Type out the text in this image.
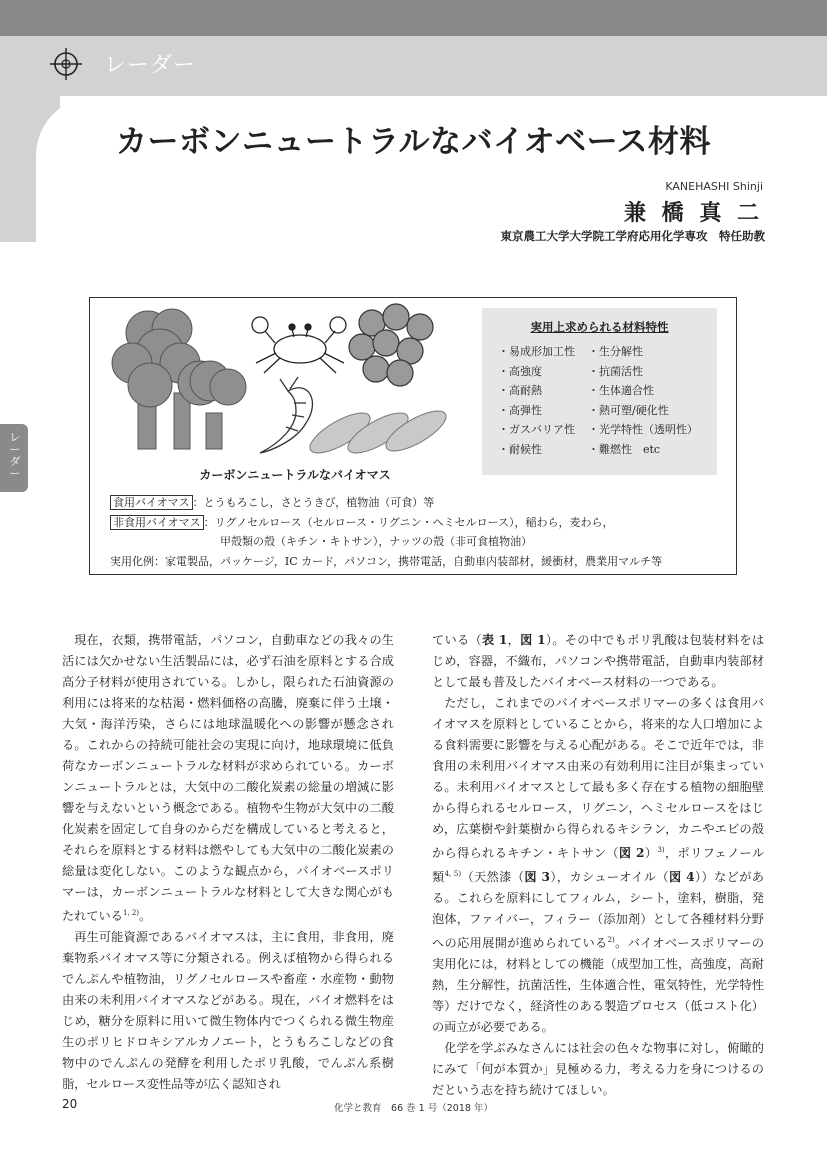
レーダー
カーボンニュートラルなバイオベース材料
KANEHASHI Shinji
兼 橋 真 二
東京農工大学大学院工学府応用化学専攻　特任助教
レーダー	カーボンニュートラルなバイオマス
実用上求められる材料特性
・易成形加工性
・高強度
・高耐熱
・高弾性
・ガスバリア性
・耐候性
・生分解性
・抗菌活性
・生体適合性
・熱可塑/硬化性
・光学特性（透明性）
・難燃性　etc
食用バイオマス ：とうもろこし，さとうきび，植物油（可食）等
非食用バイオマス ：リグノセルロース（セルロース・リグニン・ヘミセルロース），稲わら，麦わら，
甲殻類の殻（キチン・キトサン），ナッツの殻（非可食植物油）
実用化例：家電製品，パッケージ，IC カード，パソコン，携帯電話，自動車内装部材，緩衝材，農業用マルチ等

現在，衣類，携帯電話，パソコン，自動車などの我々の生活には欠かせない生活製品には，必ず石油を原料とする合成高分子材料が使用されている。しかし，限られた石油資源の利用には将来的な枯渇・燃料価格の高騰，廃棄に伴う土壌・大気・海洋汚染，さらには地球温暖化への影響が懸念される。これからの持続可能社会の実現に向け，地球環境に低負荷なカーボンニュートラルな材料が求められている。カーボンニュートラルとは，大気中の二酸化炭素の総量の増減に影響を与えないという概念である。植物や生物が大気中の二酸化炭素を固定して自身のからだを構成していると考えると，それらを原料とする材料は燃やしても大気中の二酸化炭素の総量は変化しない。このような観点から，バイオベースポリマーは，カーボンニュートラルな材料として大きな関心がもたれている$^{1, 2)}$。

再生可能資源であるバイオマスは，主に食用，非食用，廃棄物系バイオマス等に分類される。例えば植物から得られるでんぷんや植物油，リグノセルロースや畜産・水産物・動物由来の未利用バイオマスなどがある。現在，バイオ燃料をはじめ，糖分を原料に用いて微生物体内でつくられる微生物産生のポリヒドロキシアルカノエート，とうもろこしなどの食物中のでんぷんの発酵を利用したポリ乳酸，でんぷん系樹脂，セルロース変性品等が広く認知され

ている（表 1，図 1）。その中でもポリ乳酸は包装材料をはじめ，容器，不織布，パソコンや携帯電話，自動車内装部材として最も普及したバイオベース材料の一つである。

ただし，これまでのバイオベースポリマーの多くは食用バイオマスを原料としていることから，将来的な人口増加による食料需要に影響を与える心配がある。そこで近年では，非食用の未利用バイオマス由来の有効利用に注目が集まっている。未利用バイオマスとして最も多く存在する植物の細胞壁から得られるセルロース，リグニン，ヘミセルロースをはじめ，広葉樹や針葉樹から得られるキシラン，カニやエビの殻から得られるキチン・キトサン（図 2）$^{3)}$，ポリフェノール類$^{4, 5)}$（天然漆（図 3），カシューオイル（図 4））などがある。これらを原料にしてフィルム，シート，塗料，樹脂，発泡体，ファイバー，フィラー（添加剤）として各種材料分野への応用展開が進められている$^{2)}$。バイオベースポリマーの実用化には，材料としての機能（成型加工性，高強度，高耐熱，生分解性，抗菌活性，生体適合性，電気特性，光学特性等）だけでなく，経済性のある製造プロセス（低コスト化）の両立が必要である。

化学を学ぶみなさんには社会の色々な物事に対し，俯瞰的にみて「何が本質か」見極める力，考える力を身につけるのだという志を持ち続けてほしい。

20	化学と教育　66 巻 1 号（2018 年）
